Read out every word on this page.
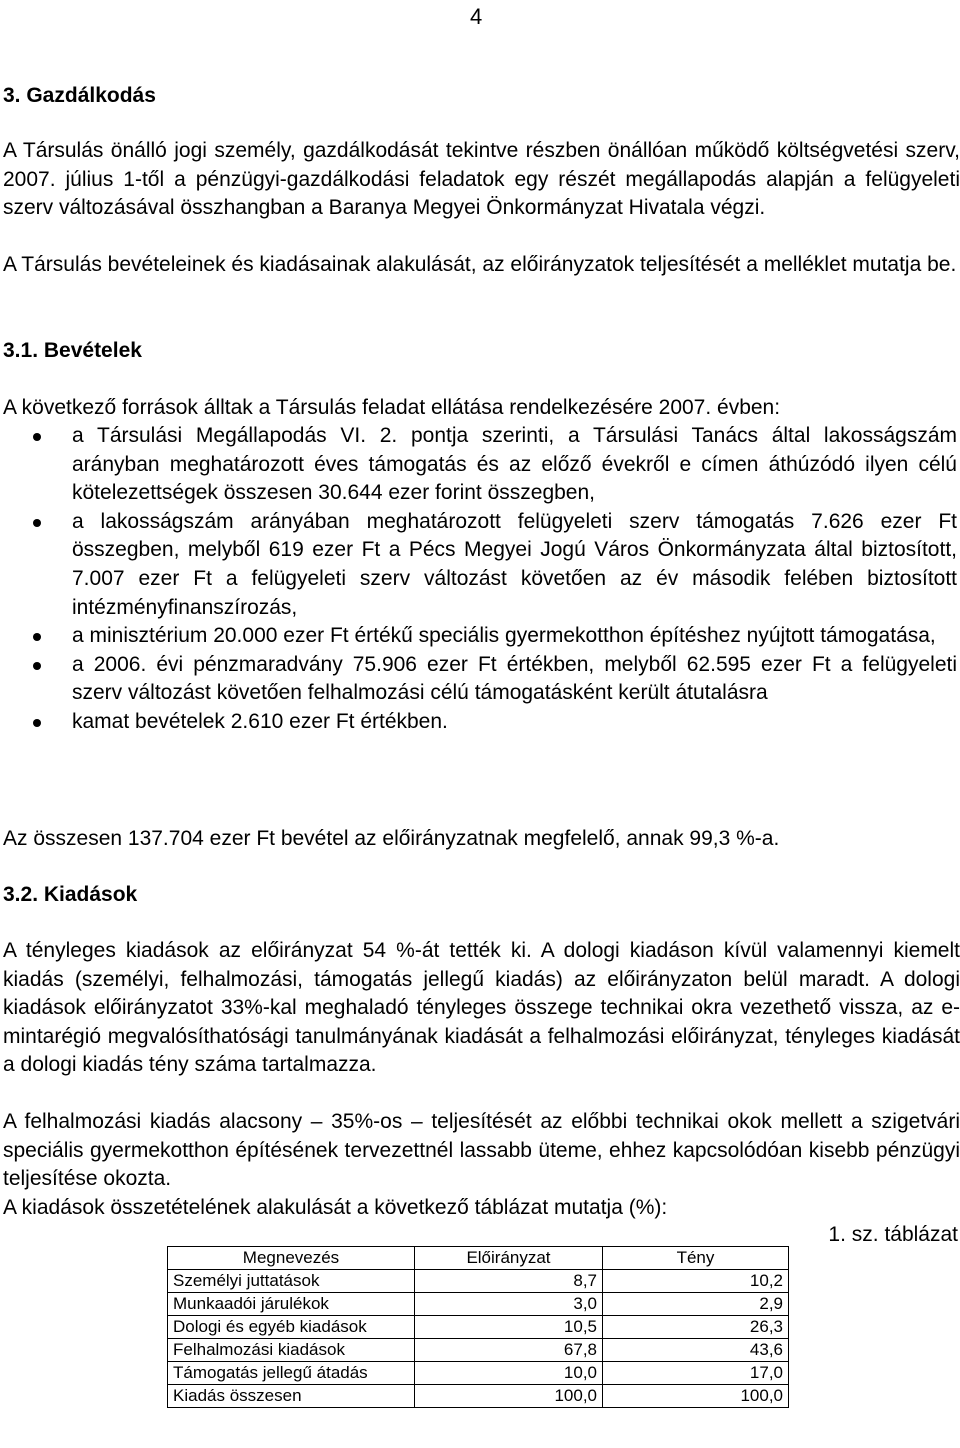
4
3. Gazdálkodás

A Társulás önálló jogi személy, gazdálkodását tekintve részben önállóan működő költségvetési szerv, 2007. július 1-től a pénzügyi-gazdálkodási feladatok egy részét megállapodás alapján a felügyeleti szerv változásával összhangban a Baranya Megyei Önkormányzat Hivatala végzi.

A Társulás bevételeinek és kiadásainak alakulását, az előirányzatok teljesítését a melléklet mutatja be.

3.1. Bevételek

A következő források álltak a Társulás feladat ellátása rendelkezésére 2007. évben:

a Társulási Megállapodás VI. 2. pontja szerinti, a Társulási Tanács által lakosságszám arányban meghatározott éves támogatás és az előző évekről e címen áthúzódó ilyen célú kötelezettségek összesen 30.644 ezer forint összegben,
a lakosságszám arányában meghatározott felügyeleti szerv támogatás 7.626 ezer Ft összegben, melyből 619 ezer Ft a Pécs Megyei Jogú Város Önkormányzata által biztosított, 7.007 ezer Ft a felügyeleti szerv változást követően az év második felében biztosított intézményfinanszírozás,
a minisztérium 20.000 ezer Ft értékű speciális gyermekotthon építéshez nyújtott támogatása,
a 2006. évi pénzmaradvány 75.906 ezer Ft értékben, melyből 62.595 ezer Ft a felügyeleti szerv változást követően felhalmozási célú támogatásként került átutalásra
kamat bevételek 2.610 ezer Ft értékben.

Az összesen 137.704 ezer Ft bevétel az előirányzatnak megfelelő, annak 99,3 %-a.

3.2. Kiadások

A tényleges kiadások az előirányzat 54 %-át tették ki. A dologi kiadáson kívül valamennyi kiemelt kiadás (személyi, felhalmozási, támogatás jellegű kiadás) az előirányzaton belül maradt. A dologi kiadások előirányzatot 33%-kal meghaladó tényleges összege technikai okra vezethető vissza, az e-mintarégió megvalósíthatósági tanulmányának kiadását a felhalmozási előirányzat, tényleges kiadását a dologi kiadás tény száma tartalmazza.

A felhalmozási kiadás alacsony – 35%-os – teljesítését az előbbi technikai okok mellett a szigetvári speciális gyermekotthon építésének tervezettnél lassabb üteme, ehhez kapcsolódóan kisebb pénzügyi teljesítése okozta.

A kiadások összetételének alakulását a következő táblázat mutatja (%):

1. sz. táblázat
Megnevezés	Előirányzat	Tény
Személyi juttatások	8,7	10,2
Munkaadói járulékok	3,0	2,9
Dologi és egyéb kiadások	10,5	26,3
Felhalmozási kiadások	67,8	43,6
Támogatás jellegű átadás	10,0	17,0
Kiadás összesen	100,0	100,0
